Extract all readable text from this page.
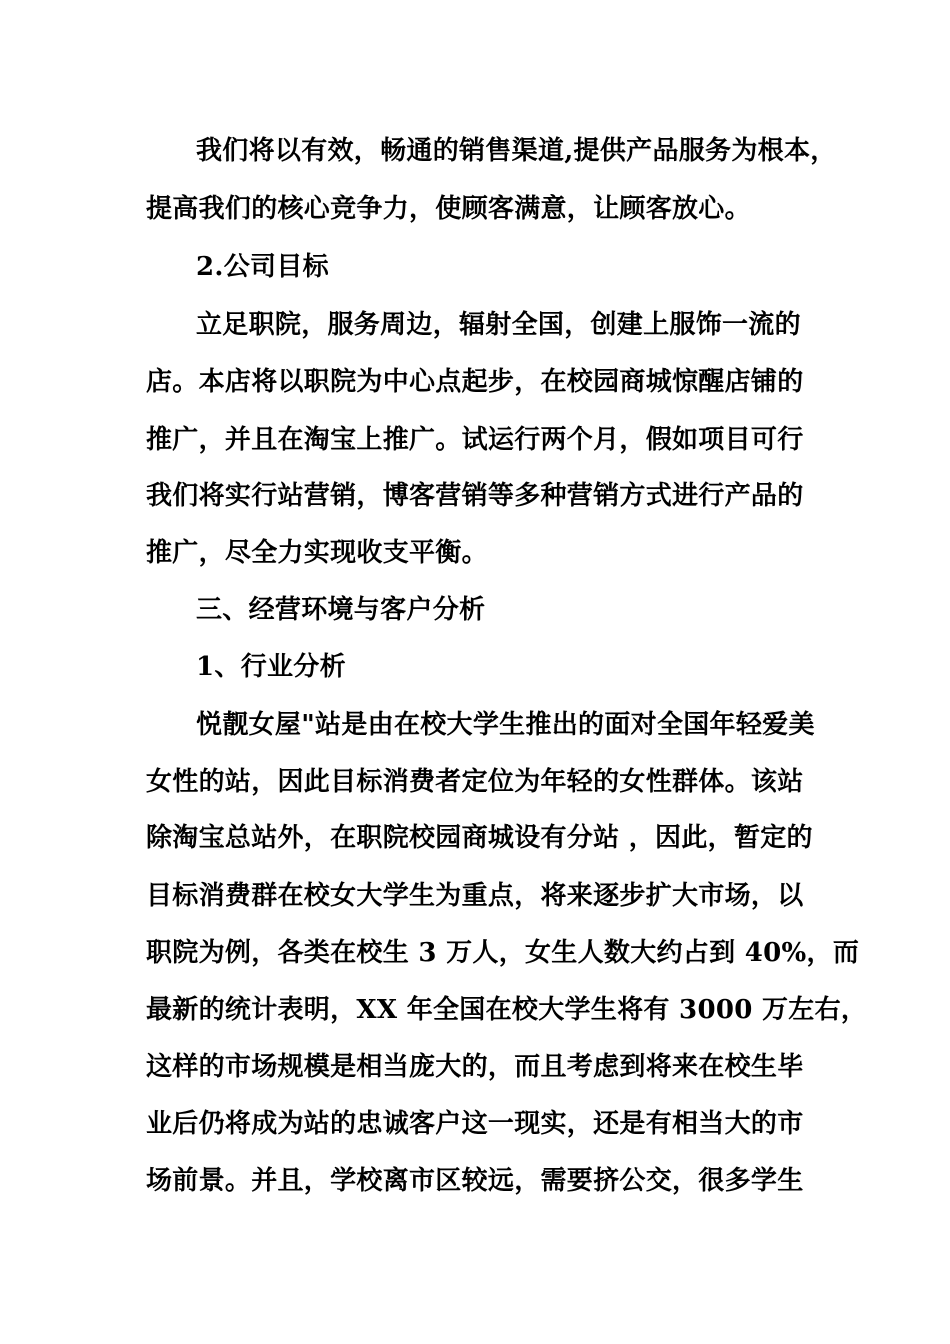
我们将以有效，畅通的销售渠道,提供产品服务为根本，
提高我们的核心竞争力，使顾客满意，让顾客放心。
2.公司目标
立足职院，服务周边，辐射全国，创建上服饰一流的
店。本店将以职院为中心点起步，在校园商城惊醒店铺的
推广，并且在淘宝上推广。试运行两个月，假如项目可行
我们将实行站营销，博客营销等多种营销方式进行产品的
推广，尽全力实现收支平衡。
三、经营环境与客户分析
1、行业分析
悦靓女屋"站是由在校大学生推出的面对全国年轻爱美
女性的站，因此目标消费者定位为年轻的女性群体。该站
除淘宝总站外，在职院校园商城设有分站 ，因此，暂定的
目标消费群在校女大学生为重点，将来逐步扩大市场，以
职院为例，各类在校生 3 万人，女生人数大约占到 40%，而
最新的统计表明，XX 年全国在校大学生将有 3000 万左右，
这样的市场规模是相当庞大的，而且考虑到将来在校生毕
业后仍将成为站的忠诚客户这一现实，还是有相当大的市
场前景。并且，学校离市区较远，需要挤公交，很多学生
